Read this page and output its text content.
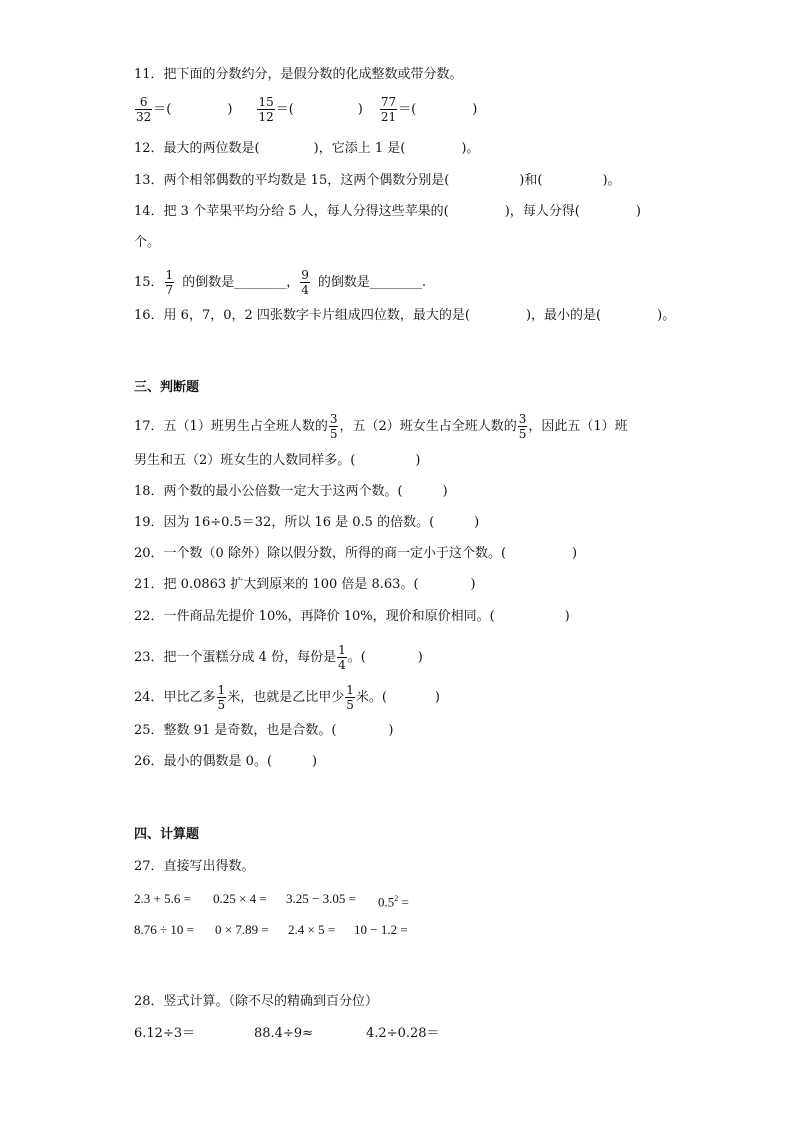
11．把下面的分数约分，是假分数的化成整数或带分数。
$\frac{6}{32}$ ＝(	) $\frac{15}{12}$ ＝(	) $\frac{77}{21}$ ＝(	)
12．最大的两位数是(	)，它添上 1 是(	)。
13．两个相邻偶数的平均数是 15，这两个偶数分别是(	)和(	)。
14．把 3 个苹果平均分给 5 人，每人分得这些苹果的(	)，每人分得(	)
个。
15． $\frac{1}{7}$ 的倒数是________， $\frac{9}{4}$ 的倒数是________.
16．用 6，7，0，2 四张数字卡片组成四位数，最大的是(	)，最小的是(	)。
三、判断题
17．五（1）班男生占全班人数的 $\frac{3}{5}$ ，五（2）班女生占全班人数的 $\frac{3}{5}$ ，因此五（1）班
男生和五（2）班女生的人数同样多。(	)
18．两个数的最小公倍数一定大于这两个数。(	)
19．因为 16÷0.5＝32，所以 16 是 0.5 的倍数。(	)
20．一个数（0 除外）除以假分数，所得的商一定小于这个数。(	)
21．把 0.0863 扩大到原来的 100 倍是 8.63。(	)
22．一件商品先提价 10%，再降价 10%，现价和原价相同。(	)
23．把一个蛋糕分成 4 份，每份是 $\frac{1}{4}$ 。(	)
24．甲比乙多 $\frac{1}{5}$ 米，也就是乙比甲少 $\frac{1}{5}$ 米。(	)
25．整数 91 是奇数，也是合数。(	)
26．最小的偶数是 0。(	)
四、计算题
27．直接写出得数。
$2.3 + 5.6 = 0.25 \times 4 = 3.25 - 3.05 = 0.5^2$ =
8.76 ÷ 10 = 0 × 7.89 = 2.4 × 5 = 10 − 1.2 =
28．竖式计算。（除不尽的精确到百分位）
6.12÷3＝	88.4÷9≈	4.2÷0.28＝
